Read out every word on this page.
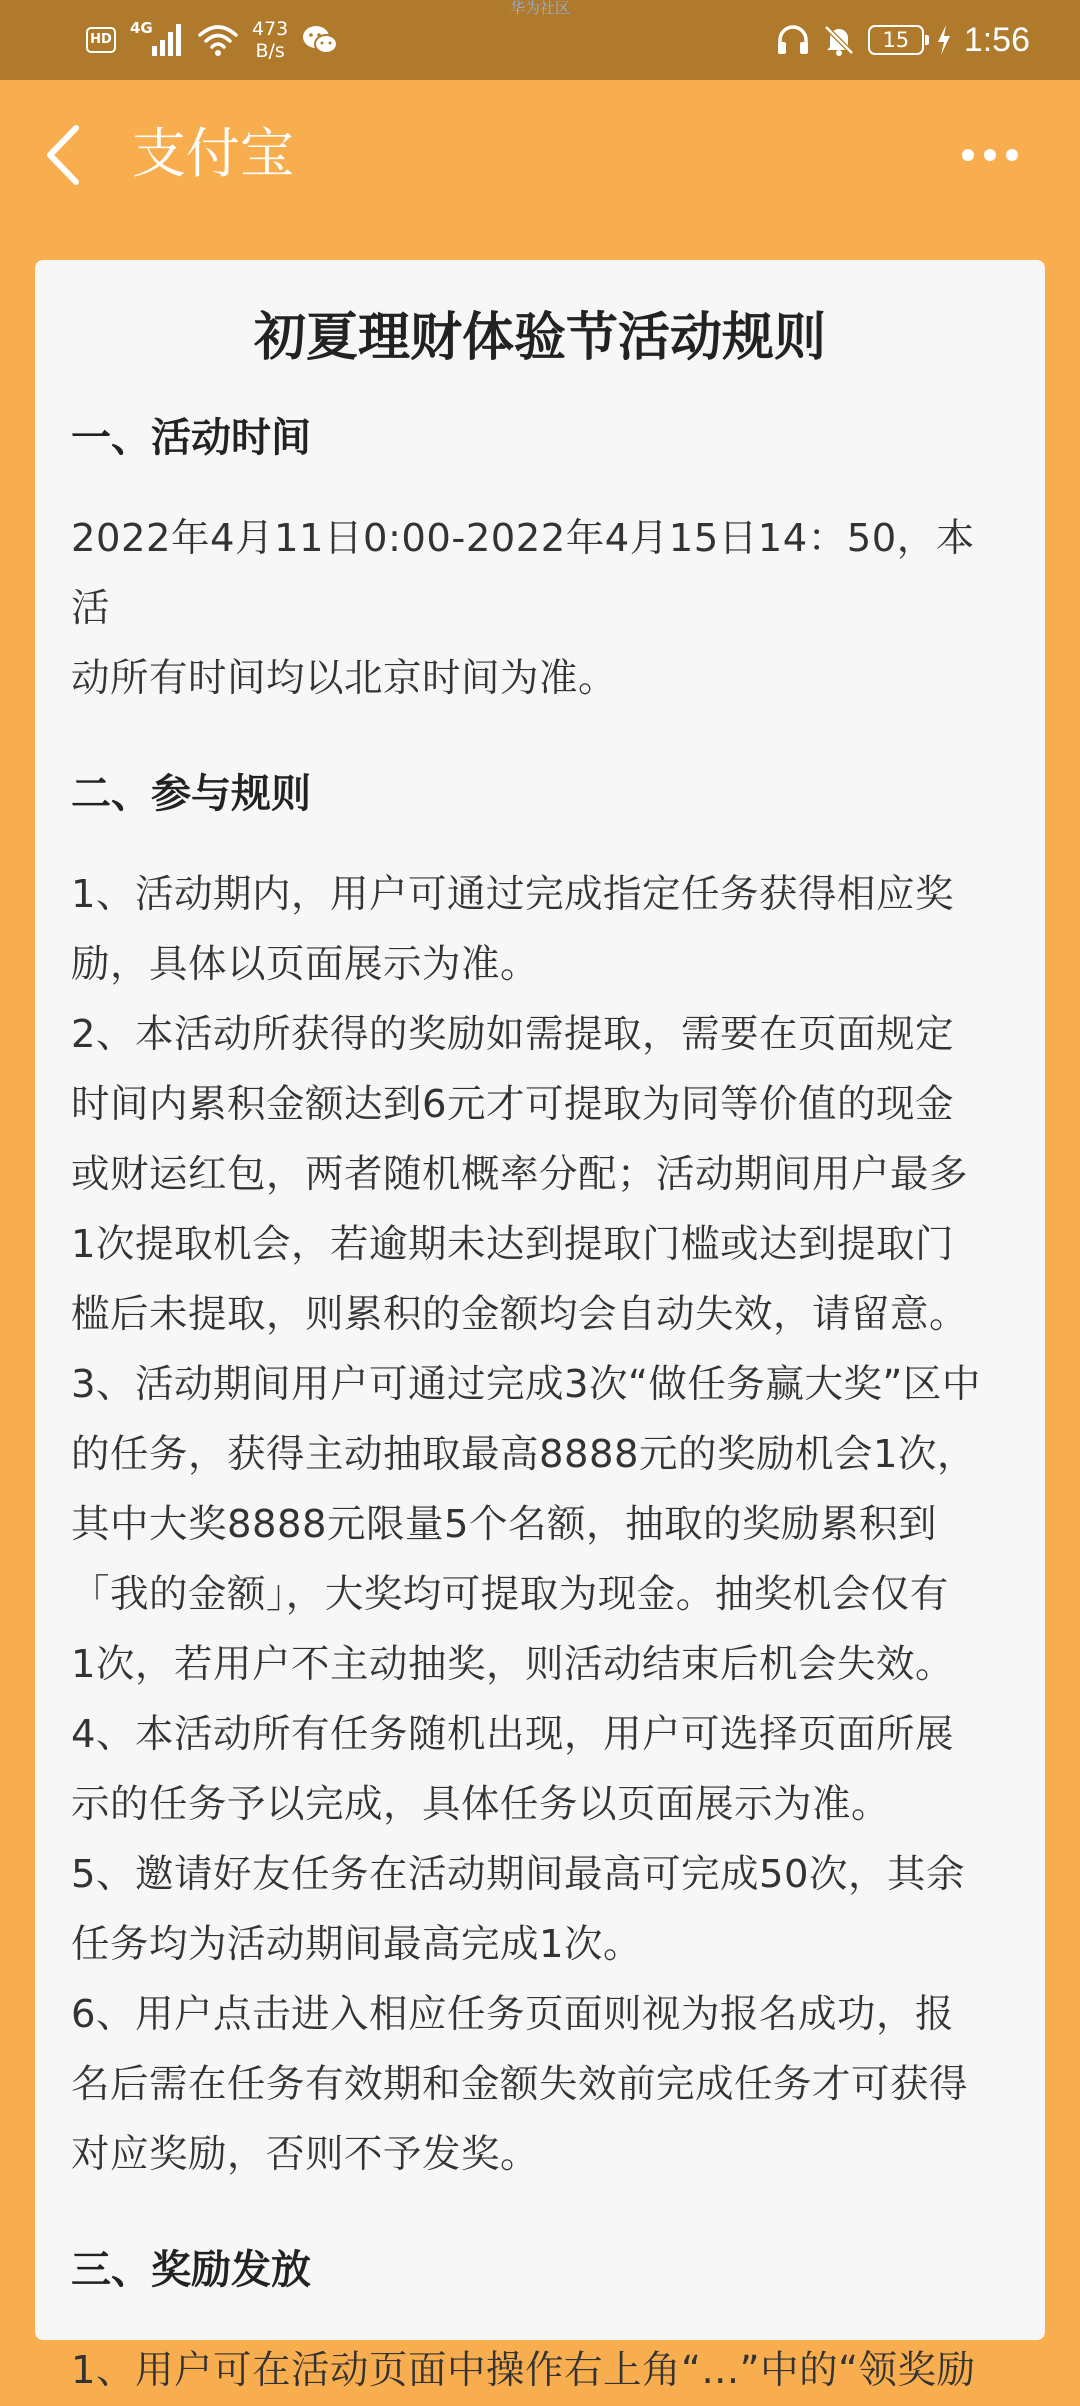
华为社区
HD
4G	473
B/s	15	1:56
支付宝
初夏理财体验节活动规则
一、活动时间
2022年4月11日0:00-2022年4月15日14：50，本活
动所有时间均以北京时间为准。
二、参与规则
1、活动期内，用户可通过完成指定任务获得相应奖
励，具体以页面展示为准。
2、本活动所获得的奖励如需提取，需要在页面规定
时间内累积金额达到6元才可提取为同等价值的现金
或财运红包，两者随机概率分配；活动期间用户最多
1次提取机会，若逾期未达到提取门槛或达到提取门
槛后未提取，则累积的金额均会自动失效，请留意。
3、活动期间用户可通过完成3次“做任务赢大奖”区中
的任务，获得主动抽取最高8888元的奖励机会1次，
其中大奖8888元限量5个名额，抽取的奖励累积到
「我的金额」，大奖均可提取为现金。抽奖机会仅有
1次，若用户不主动抽奖，则活动结束后机会失效。
4、本活动所有任务随机出现，用户可选择页面所展
示的任务予以完成，具体任务以页面展示为准。
5、邀请好友任务在活动期间最高可完成50次，其余
任务均为活动期间最高完成1次。
6、用户点击进入相应任务页面则视为报名成功，报
名后需在任务有效期和金额失效前完成任务才可获得
对应奖励，否则不予发奖。
三、奖励发放
1、用户可在活动页面中操作右上角“...”中的“领奖励
